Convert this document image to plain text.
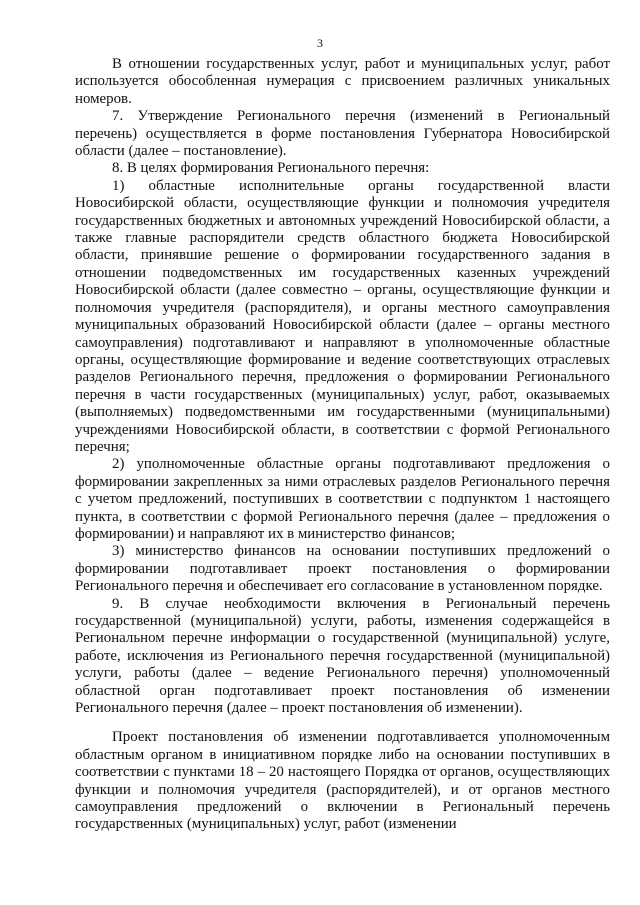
3

В отношении государственных услуг, работ и муниципальных услуг, работ используется обособленная нумерация с присвоением различных уникальных номеров.

7. Утверждение Регионального перечня (изменений в Региональный перечень) осуществляется в форме постановления Губернатора Новосибирской области (далее – постановление).

8. В целях формирования Регионального перечня:

1) областные исполнительные органы государственной власти Новосибирской области, осуществляющие функции и полномочия учредителя государственных бюджетных и автономных учреждений Новосибирской области, а также главные распорядители средств областного бюджета Новосибирской области, принявшие решение о формировании государственного задания в отношении подведомственных им государственных казенных учреждений Новосибирской области (далее совместно – органы, осуществляющие функции и полномочия учредителя (распорядителя), и органы местного самоуправления муниципальных образований Новосибирской области (далее – органы местного самоуправления) подготавливают и направляют в уполномоченные областные органы, осуществляющие формирование и ведение соответствующих отраслевых разделов Регионального перечня, предложения о формировании Регионального перечня в части государственных (муниципальных) услуг, работ, оказываемых (выполняемых) подведомственными им государственными (муниципальными) учреждениями Новосибирской области, в соответствии с формой Регионального перечня;

2) уполномоченные областные органы подготавливают предложения о формировании закрепленных за ними отраслевых разделов Регионального перечня с учетом предложений, поступивших в соответствии с подпунктом 1 настоящего пункта, в соответствии с формой Регионального перечня (далее – предложения о формировании) и направляют их в министерство финансов;

3) министерство финансов на основании поступивших предложений о формировании подготавливает проект постановления о формировании Регионального перечня и обеспечивает его согласование в установленном порядке.

9. В случае необходимости включения в Региональный перечень государственной (муниципальной) услуги, работы, изменения содержащейся в Региональном перечне информации о государственной (муниципальной) услуге, работе, исключения из Регионального перечня государственной (муниципальной) услуги, работы (далее – ведение Регионального перечня) уполномоченный областной орган подготавливает проект постановления об изменении Регионального перечня (далее – проект постановления об изменении).

Проект постановления об изменении подготавливается уполномоченным областным органом в инициативном порядке либо на основании поступивших в соответствии с пунктами 18 – 20 настоящего Порядка от органов, осуществляющих функции и полномочия учредителя (распорядителей), и от органов местного самоуправления предложений о включении в Региональный перечень государственных (муниципальных) услуг, работ (изменении
